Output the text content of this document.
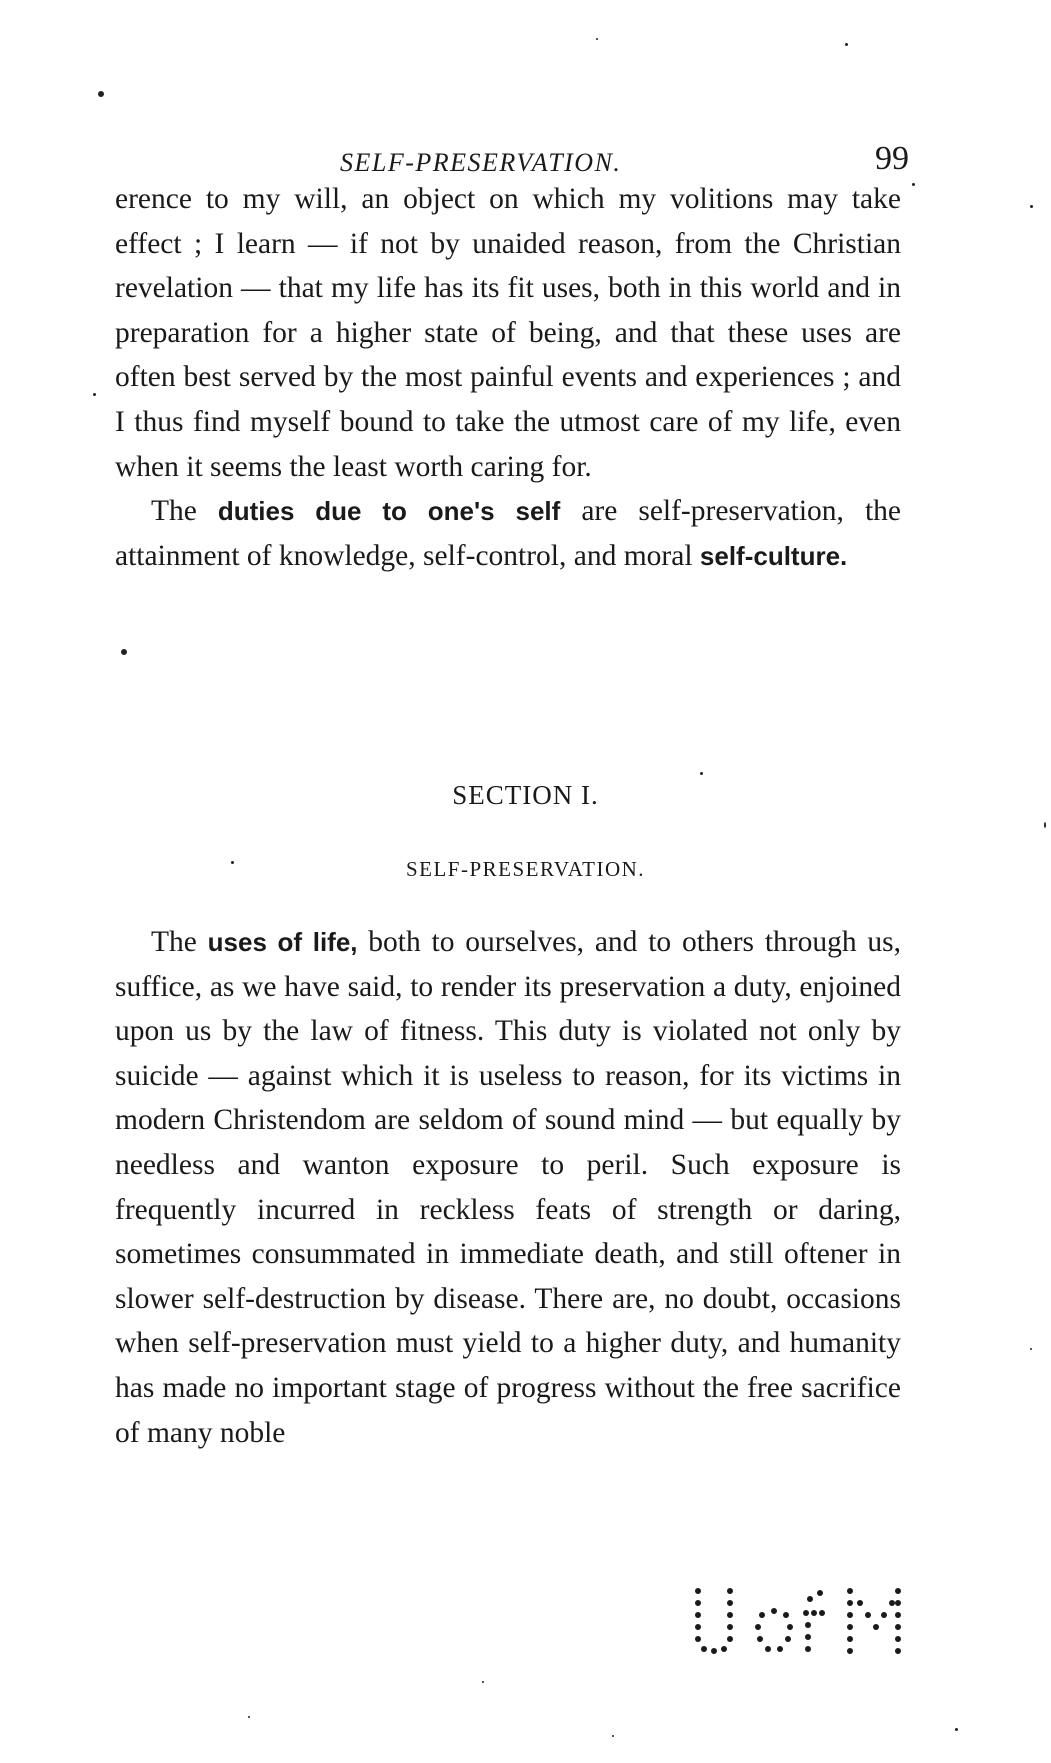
SELF-PRESERVATION.	99

erence to my will, an object on which my volitions may take effect ; I learn — if not by unaided reason, from the Christian revelation — that my life has its fit uses, both in this world and in preparation for a higher state of being, and that these uses are often best served by the most painful events and experiences ; and I thus find myself bound to take the utmost care of my life, even when it seems the least worth caring for.

The duties due to one's self are self-preservation, the attainment of knowledge, self-control, and moral self-culture.

SECTION I.
SELF-PRESERVATION.

The uses of life, both to ourselves, and to others through us, suffice, as we have said, to render its preservation a duty, enjoined upon us by the law of fitness. This duty is violated not only by suicide — against which it is useless to reason, for its victims in modern Christendom are seldom of sound mind — but equally by needless and wanton exposure to peril. Such exposure is frequently incurred in reckless feats of strength or daring, sometimes consummated in immediate death, and still oftener in slower self-destruction by disease. There are, no doubt, occasions when self-preservation must yield to a higher duty, and humanity has made no important stage of progress without the free sacrifice of many noble
